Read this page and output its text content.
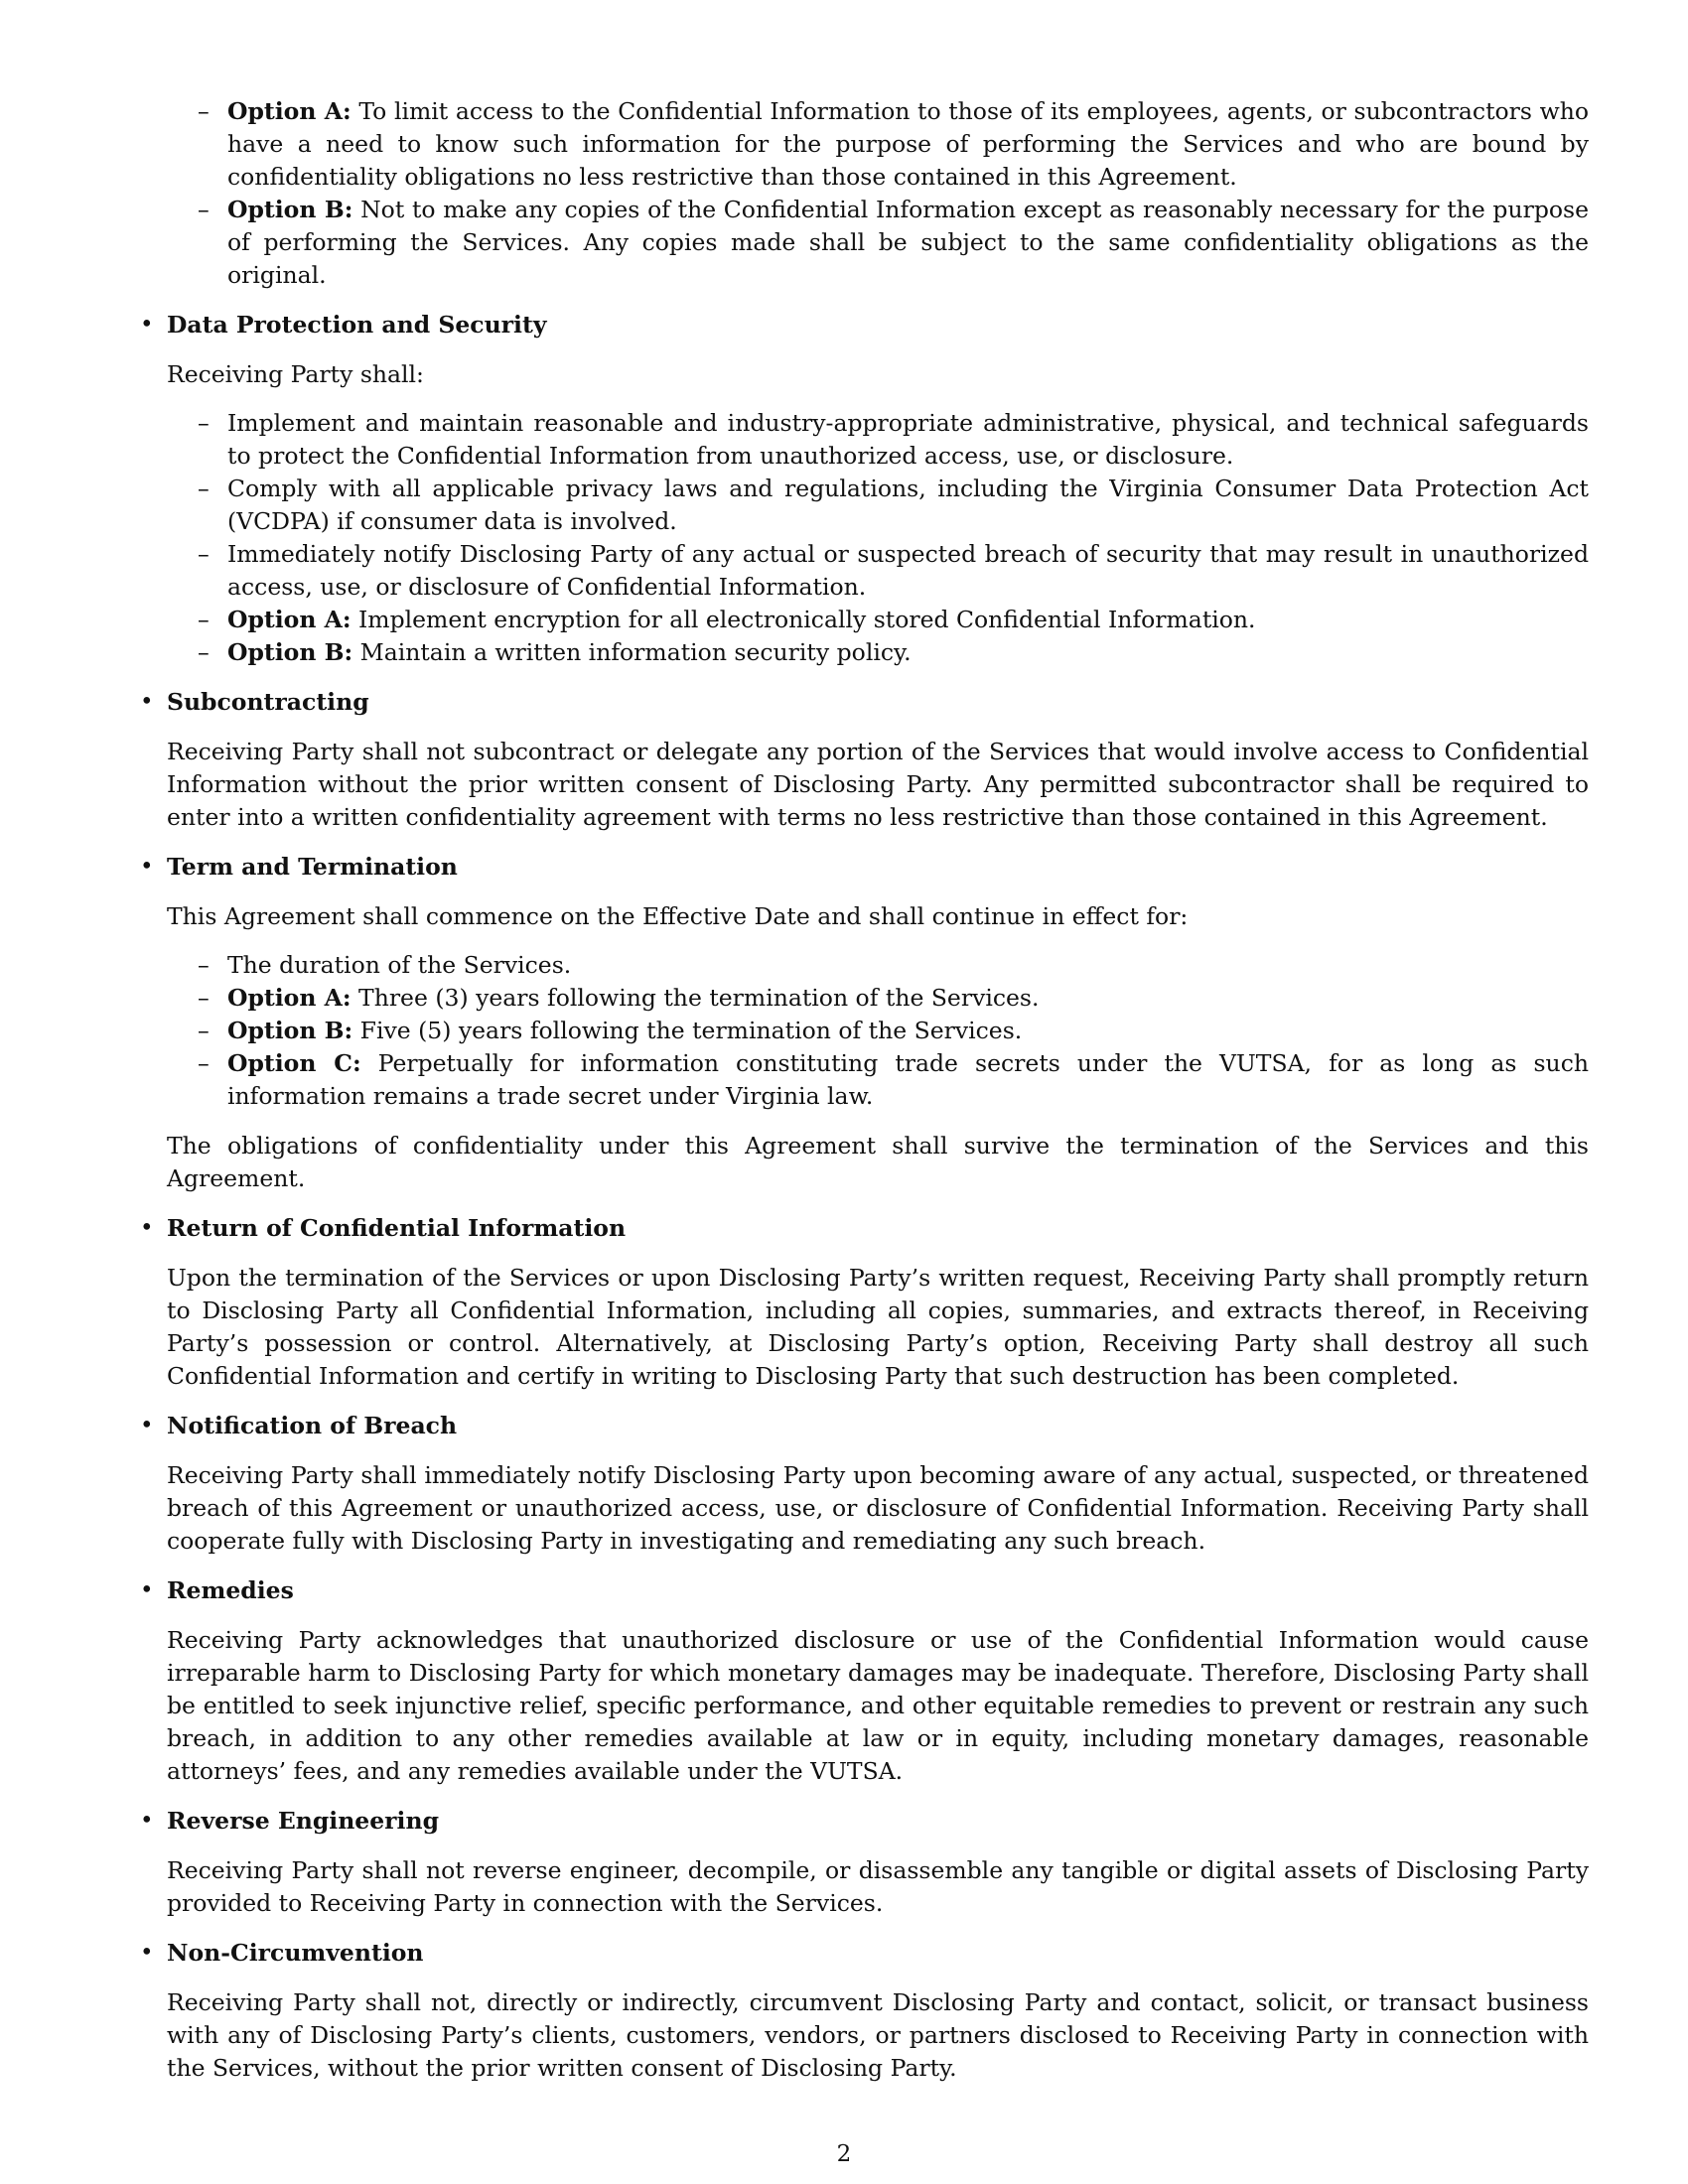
– Option A: To limit access to the Confidential Information to those of its employees, agents, or subcontractors who have a need to know such information for the purpose of performing the Services and who are bound by confidentiality obligations no less restrictive than those contained in this Agreement.
– Option B: Not to make any copies of the Confidential Information except as reasonably necessary for the purpose of performing the Services. Any copies made shall be subject to the same confidentiality obligations as the original.
• Data Protection and Security

Receiving Party shall:

– Implement and maintain reasonable and industry-appropriate administrative, physical, and technical safeguards to protect the Confidential Information from unauthorized access, use, or disclosure.
– Comply with all applicable privacy laws and regulations, including the Virginia Consumer Data Protection Act (VCDPA) if consumer data is involved.
– Immediately notify Disclosing Party of any actual or suspected breach of security that may result in unauthorized access, use, or disclosure of Confidential Information.
– Option A: Implement encryption for all electronically stored Confidential Information.
– Option B: Maintain a written information security policy.
• Subcontracting

Receiving Party shall not subcontract or delegate any portion of the Services that would involve access to Confidential Information without the prior written consent of Disclosing Party. Any permitted subcontractor shall be required to enter into a written confidentiality agreement with terms no less restrictive than those contained in this Agreement.

• Term and Termination

This Agreement shall commence on the Effective Date and shall continue in effect for:

– The duration of the Services.
– Option A: Three (3) years following the termination of the Services.
– Option B: Five (5) years following the termination of the Services.
– Option C: Perpetually for information constituting trade secrets under the VUTSA, for as long as such information remains a trade secret under Virginia law.

The obligations of confidentiality under this Agreement shall survive the termination of the Services and this Agreement.

• Return of Confidential Information

Upon the termination of the Services or upon Disclosing Party’s written request, Receiving Party shall promptly return to Disclosing Party all Confidential Information, including all copies, summaries, and extracts thereof, in Receiving Party’s possession or control. Alternatively, at Disclosing Party’s option, Receiving Party shall destroy all such Confidential Information and certify in writing to Disclosing Party that such destruction has been completed.

• Notification of Breach

Receiving Party shall immediately notify Disclosing Party upon becoming aware of any actual, suspected, or threatened breach of this Agreement or unauthorized access, use, or disclosure of Confidential Information. Receiving Party shall cooperate fully with Disclosing Party in investigating and remediating any such breach.

• Remedies

Receiving Party acknowledges that unauthorized disclosure or use of the Confidential Information would cause irreparable harm to Disclosing Party for which monetary damages may be inadequate. Therefore, Disclosing Party shall be entitled to seek injunctive relief, specific performance, and other equitable remedies to prevent or restrain any such breach, in addition to any other remedies available at law or in equity, including monetary damages, reasonable attorneys’ fees, and any remedies available under the VUTSA.

• Reverse Engineering

Receiving Party shall not reverse engineer, decompile, or disassemble any tangible or digital assets of Disclosing Party provided to Receiving Party in connection with the Services.

• Non-Circumvention

Receiving Party shall not, directly or indirectly, circumvent Disclosing Party and contact, solicit, or transact business with any of Disclosing Party’s clients, customers, vendors, or partners disclosed to Receiving Party in connection with the Services, without the prior written consent of Disclosing Party.

2
